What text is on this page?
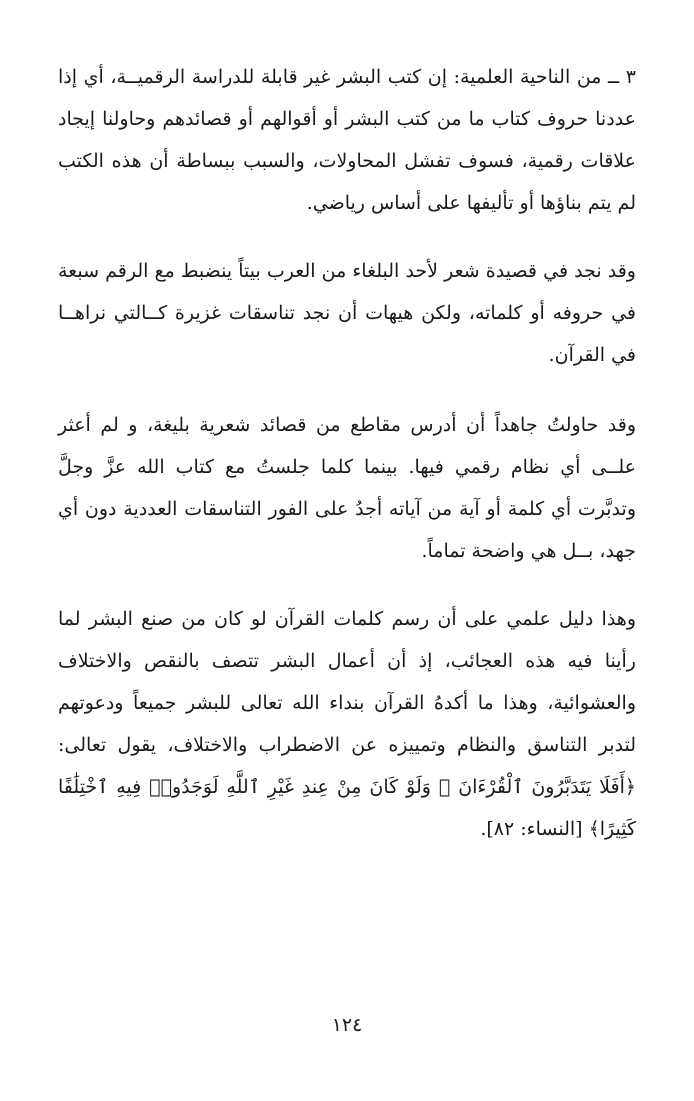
٣ ــ من الناحية العلمية: إن كتب البشر غير قابلة للدراسة الرقميــة، أي إذا عددنا حروف كتاب ما من كتب البشر أو أقوالهم أو قصائدهم وحاولنا إيجاد علاقات رقمية، فسوف تفشل المحاولات، والسبب ببساطة أن هذه الكتب لم يتم بناؤها أو تأليفها على أساس رياضي.

وقد نجد في قصيدة شعر لأحد البلغاء من العرب بيتاً ينضبط مع الرقم سبعة في حروفه أو كلماته، ولكن هيهات أن نجد تناسقات غزيرة كــالتي نراهــا في القرآن.

وقد حاولتُ جاهداً أن أدرس مقاطع من قصائد شعرية بليغة، و لم أعثر علــى أي نظام رقمي فيها. بينما كلما جلستُ مع كتاب الله عزَّ وجلَّ وتدبَّرت أي كلمة أو آية من آياته أجدُ على الفور التناسقات العددية دون أي جهد، بــل هي واضحة تماماً.

وهذا دليل علمي على أن رسم كلمات القرآن لو كان من صنع البشر لما رأينا فيه هذه العجائب، إذ أن أعمال البشر تتصف بالنقص والاختلاف والعشوائية، وهذا ما أكدهُ القرآن بنداء الله تعالى للبشر جميعاً ودعوتهم لتدبر التناسق والنظام وتمييزه عن الاضطراب والاختلاف، يقول تعالى: ﴿أَفَلَا يَتَدَبَّرُونَ ٱلْقُرْءَانَ ۚ وَلَوْ كَانَ مِنْ عِندِ غَيْرِ ٱللَّهِ لَوَجَدُوا۟ فِيهِ ٱخْتِلَٰفًا كَثِيرًا﴾ [النساء: ٨٢].

١٢٤
